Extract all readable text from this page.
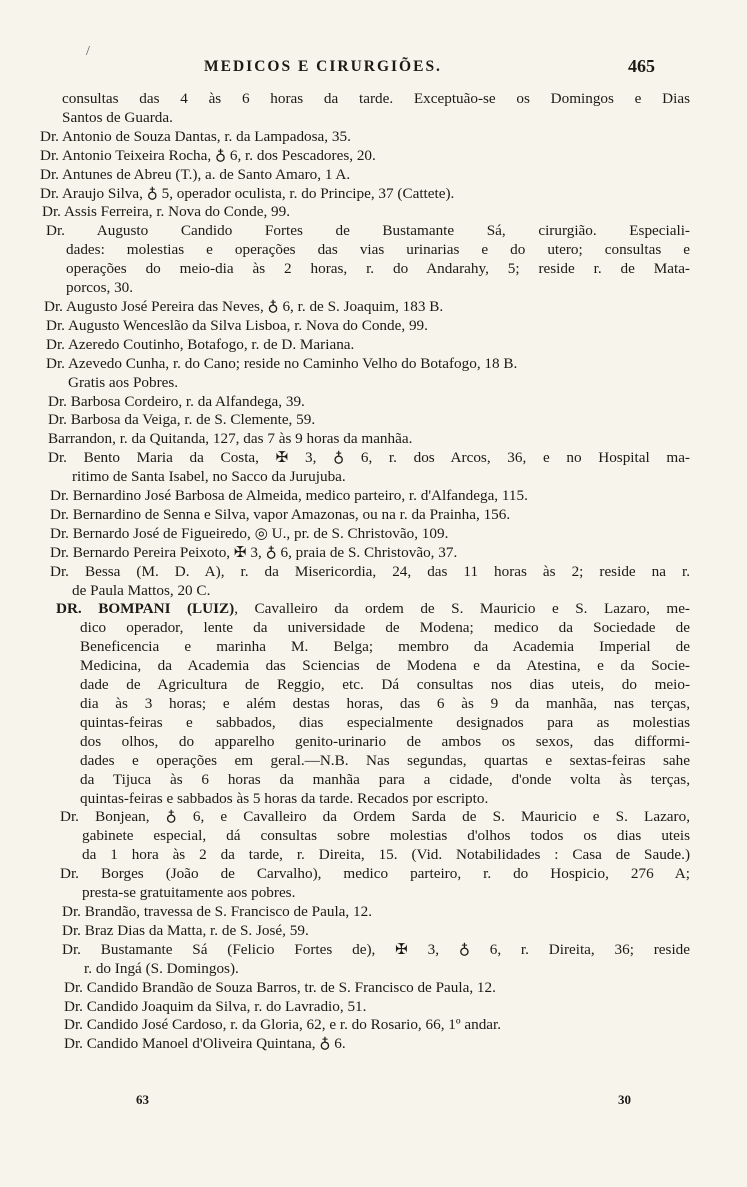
/
MEDICOS E CIRURGIÕES.	465
consultas das 4 às 6 horas da tarde. Exceptuão-se os Domingos e Dias
Santos de Guarda.
Dr. Antonio de Souza Dantas, r. da Lampadosa, 35.
Dr. Antonio Teixeira Rocha, ♁ 6, r. dos Pescadores, 20.
Dr. Antunes de Abreu (T.), a. de Santo Amaro, 1 A.
Dr. Araujo Silva, ♁ 5, operador oculista, r. do Principe, 37 (Cattete).
Dr. Assis Ferreira, r. Nova do Conde, 99.
Dr. Augusto Candido Fortes de Bustamante Sá, cirurgião. Especiali-
dades: molestias e operações das vias urinarias e do utero; consultas e
operações do meio-dia às 2 horas, r. do Andarahy, 5; reside r. de Mata-
porcos, 30.
Dr. Augusto José Pereira das Neves, ♁ 6, r. de S. Joaquim, 183 B.
Dr. Augusto Wenceslão da Silva Lisboa, r. Nova do Conde, 99.
Dr. Azeredo Coutinho, Botafogo, r. de D. Mariana.
Dr. Azevedo Cunha, r. do Cano; reside no Caminho Velho do Botafogo, 18 B.
Gratis aos Pobres.
Dr. Barbosa Cordeiro, r. da Alfandega, 39.
Dr. Barbosa da Veiga, r. de S. Clemente, 59.
Barrandon, r. da Quitanda, 127, das 7 às 9 horas da manhãa.
Dr. Bento Maria da Costa, ✠ 3, ♁ 6, r. dos Arcos, 36, e no Hospital ma-
ritimo de Santa Isabel, no Sacco da Jurujuba.
Dr. Bernardino José Barbosa de Almeida, medico parteiro, r. d'Alfandega, 115.
Dr. Bernardino de Senna e Silva, vapor Amazonas, ou na r. da Prainha, 156.
Dr. Bernardo José de Figueiredo, ◎ U., pr. de S. Christovão, 109.
Dr. Bernardo Pereira Peixoto, ✠ 3, ♁ 6, praia de S. Christovão, 37.
Dr. Bessa (M. D. A), r. da Misericordia, 24, das 11 horas às 2; reside na r.
de Paula Mattos, 20 C.
DR. BOMPANI (LUIZ), Cavalleiro da ordem de S. Mauricio e S. Lazaro, me-
dico operador, lente da universidade de Modena; medico da Sociedade de
Beneficencia e marinha M. Belga; membro da Academia Imperial de
Medicina, da Academia das Sciencias de Modena e da Atestina, e da Socie-
dade de Agricultura de Reggio, etc. Dá consultas nos dias uteis, do meio-
dia às 3 horas; e além destas horas, das 6 às 9 da manhãa, nas terças,
quintas-feiras e sabbados, dias especialmente designados para as molestias
dos olhos, do apparelho genito-urinario de ambos os sexos, das difformi-
dades e operações em geral.—N.B. Nas segundas, quartas e sextas-feiras sahe
da Tijuca às 6 horas da manhãa para a cidade, d'onde volta às terças,
quintas-feiras e sabbados às 5 horas da tarde. Recados por escripto.
Dr. Bonjean, ♁ 6, e Cavalleiro da Ordem Sarda de S. Mauricio e S. Lazaro,
gabinete especial, dá consultas sobre molestias d'olhos todos os dias uteis
da 1 hora às 2 da tarde, r. Direita, 15. (Vid. Notabilidades : Casa de Saude.)
Dr. Borges (João de Carvalho), medico parteiro, r. do Hospicio, 276 A;
presta-se gratuitamente aos pobres.
Dr. Brandão, travessa de S. Francisco de Paula, 12.
Dr. Braz Dias da Matta, r. de S. José, 59.
Dr. Bustamante Sá (Felicio Fortes de), ✠ 3, ♁ 6, r. Direita, 36; reside
r. do Ingá (S. Domingos).
Dr. Candido Brandão de Souza Barros, tr. de S. Francisco de Paula, 12.
Dr. Candido Joaquim da Silva, r. do Lavradio, 51.
Dr. Candido José Cardoso, r. da Gloria, 62, e r. do Rosario, 66, 1º andar.
Dr. Candido Manoel d'Oliveira Quintana, ♁ 6.
63	30
